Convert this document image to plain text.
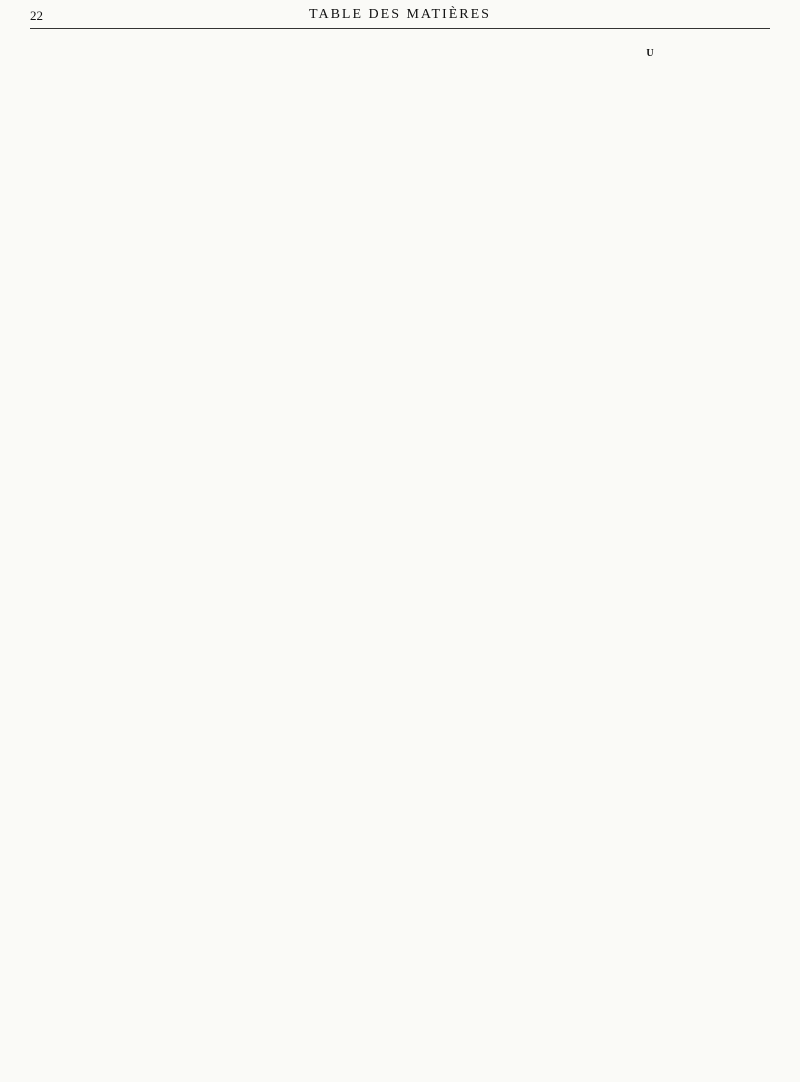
22	TABLE DES MATIÈRES
U
